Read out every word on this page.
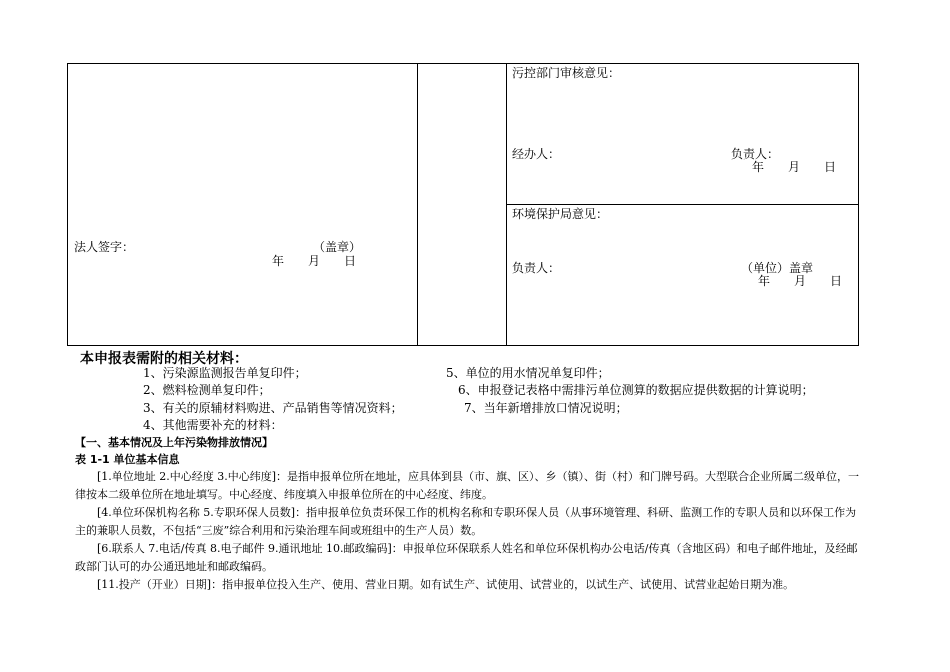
法人签字：	（盖章）
年　　月　　日
污控部门审核意见：
经办人：	负责人：
年　　月　　日
环境保护局意见：
负责人：	（单位）盖章
年　　月　　日
本申报表需附的相关材料：
1、污染源监测报告单复印件；	5、单位的用水情况单复印件；
2、燃料检测单复印件；	6、申报登记表格中需排污单位测算的数据应提供数据的计算说明；
3、有关的原辅材料购进、产品销售等情况资料；	7、当年新增排放口情况说明；
4、其他需要补充的材料：
【一、基本情况及上年污染物排放情况】
表 1-1 单位基本信息
[1.单位地址 2.中心经度 3.中心纬度]：是指申报单位所在地址，应具体到县（市、旗、区）、乡（镇）、街（村）和门牌号码。大型联合企业所属二级单位，一律按本二级单位所在地址填写。中心经度、纬度填入申报单位所在的中心经度、纬度。
[4.单位环保机构名称 5.专职环保人员数]：指申报单位负责环保工作的机构名称和专职环保人员（从事环境管理、科研、监测工作的专职人员和以环保工作为主的兼职人员数，不包括“三废”综合利用和污染治理车间或班组中的生产人员）数。
[6.联系人 7.电话/传真 8.电子邮件 9.通讯地址 10.邮政编码]：申报单位环保联系人姓名和单位环保机构办公电话/传真（含地区码）和电子邮件地址，及经邮政部门认可的办公通迅地址和邮政编码。
[11.投产（开业）日期]：指申报单位投入生产、使用、营业日期。如有试生产、试使用、试营业的，以试生产、试使用、试营业起始日期为准。
